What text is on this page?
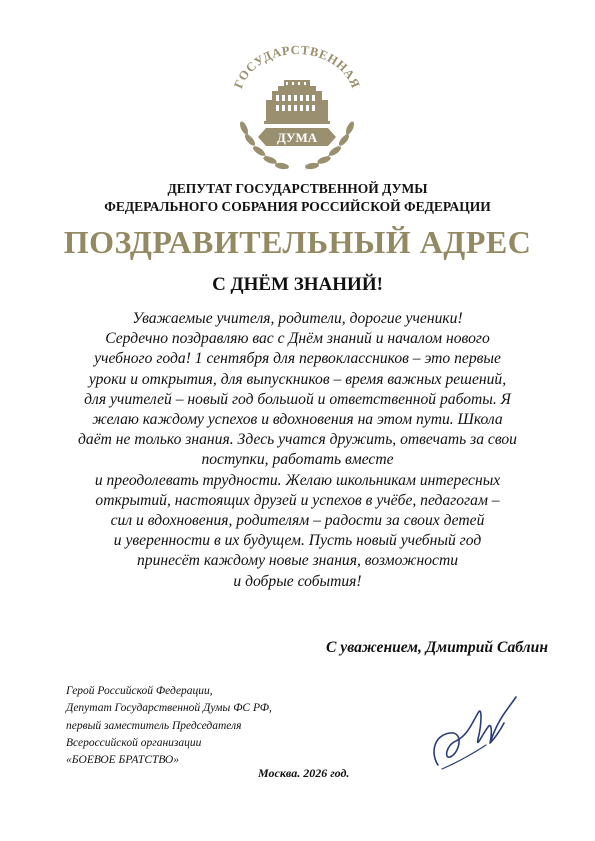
ГОСУДАРСТВЕННАЯ
ДУМА
ДЕПУТАТ ГОСУДАРСТВЕННОЙ ДУМЫ
ФЕДЕРАЛЬНОГО СОБРАНИЯ РОССИЙСКОЙ ФЕДЕРАЦИИ
ПОЗДРАВИТЕЛЬНЫЙ АДРЕС
С ДНЁМ ЗНАНИЙ!
Уважаемые учителя, родители, дорогие ученики!
Сердечно поздравляю вас с Днём знаний и началом нового
учебного года! 1 сентября для первоклассников – это первые
уроки и открытия, для выпускников – время важных решений,
для учителей – новый год большой и ответственной работы. Я
желаю каждому успехов и вдохновения на этом пути. Школа
даёт не только знания. Здесь учатся дружить, отвечать за свои
поступки, работать вместе
и преодолевать трудности. Желаю школьникам интересных
открытий, настоящих друзей и успехов в учёбе, педагогам –
сил и вдохновения, родителям – радости за своих детей
и уверенности в их будущем. Пусть новый учебный год
принесёт каждому новые знания, возможности
и добрые события!
С уважением, Дмитрий Саблин
Герой Российской Федерации,
Депутат Государственной Думы ФС РФ,
первый заместитель Председателя
Всероссийской организации
«БОЕВОЕ БРАТСТВО»
Москва. 2026 год.
